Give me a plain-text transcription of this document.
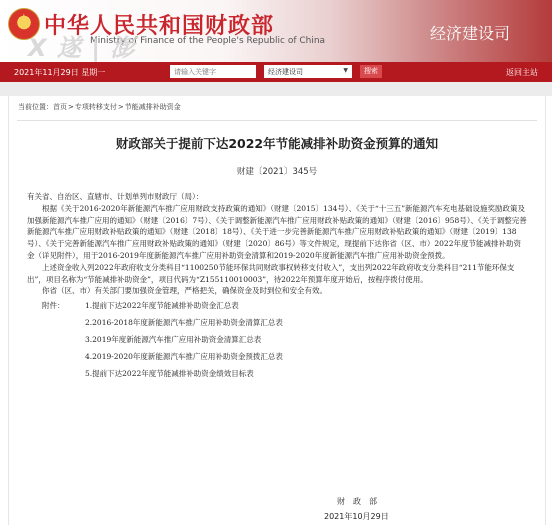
★ 中华人民共和国财政部
Ministry of Finance of the People's Republic of China
X 遂 | 澎
经济建设司
2021年11月29日 星期一
请输入关键字	经济建设司	▼	搜索	返回主站
当前位置：首页>专项转移支付>节能减排补助资金
财政部关于提前下达2022年节能减排补助资金预算的通知
财建〔2021〕345号

有关省、自治区、直辖市、计划单列市财政厅（局）：

根据《关于2016-2020年新能源汽车推广应用财政支持政策的通知》（财建〔2015〕134号）、《关于“十三五”新能源汽车充电基础设施奖励政策及加强新能源汽车推广应用的通知》（财建〔2016〕7号）、《关于调整新能源汽车推广应用财政补贴政策的通知》（财建〔2016〕958号）、《关于调整完善新能源汽车推广应用财政补贴政策的通知》（财建〔2018〕18号）、《关于进一步完善新能源汽车推广应用财政补贴政策的通知》（财建〔2019〕138号）、《关于完善新能源汽车推广应用财政补贴政策的通知》（财建〔2020〕86号）等文件规定，现提前下达你省（区、市）2022年度节能减排补助资金（详见附件），用于2016-2019年度新能源汽车推广应用补助资金清算和2019-2020年度新能源汽车推广应用补助资金预拨。

上述资金收入列2022年政府收支分类科目“1100250节能环保共同财政事权转移支付收入”，支出列2022年政府收支分类科目“211节能环保支出”，项目名称为“节能减排补助资金”，项目代码为“Z155110010003”，待2022年预算年度开始后，按程序拨付使用。

你省（区、市）有关部门要加强资金管理，严格把关，确保资金及时到位和安全有效。

附件：	1.提前下达2022年度节能减排补助资金汇总表
2.2016-2018年度新能源汽车推广应用补助资金清算汇总表
3.2019年度新能源汽车推广应用补助资金清算汇总表
4.2019-2020年度新能源汽车推广应用补助资金预拨汇总表
5.提前下达2022年度节能减排补助资金绩效目标表
财　政　部
2021年10月29日
